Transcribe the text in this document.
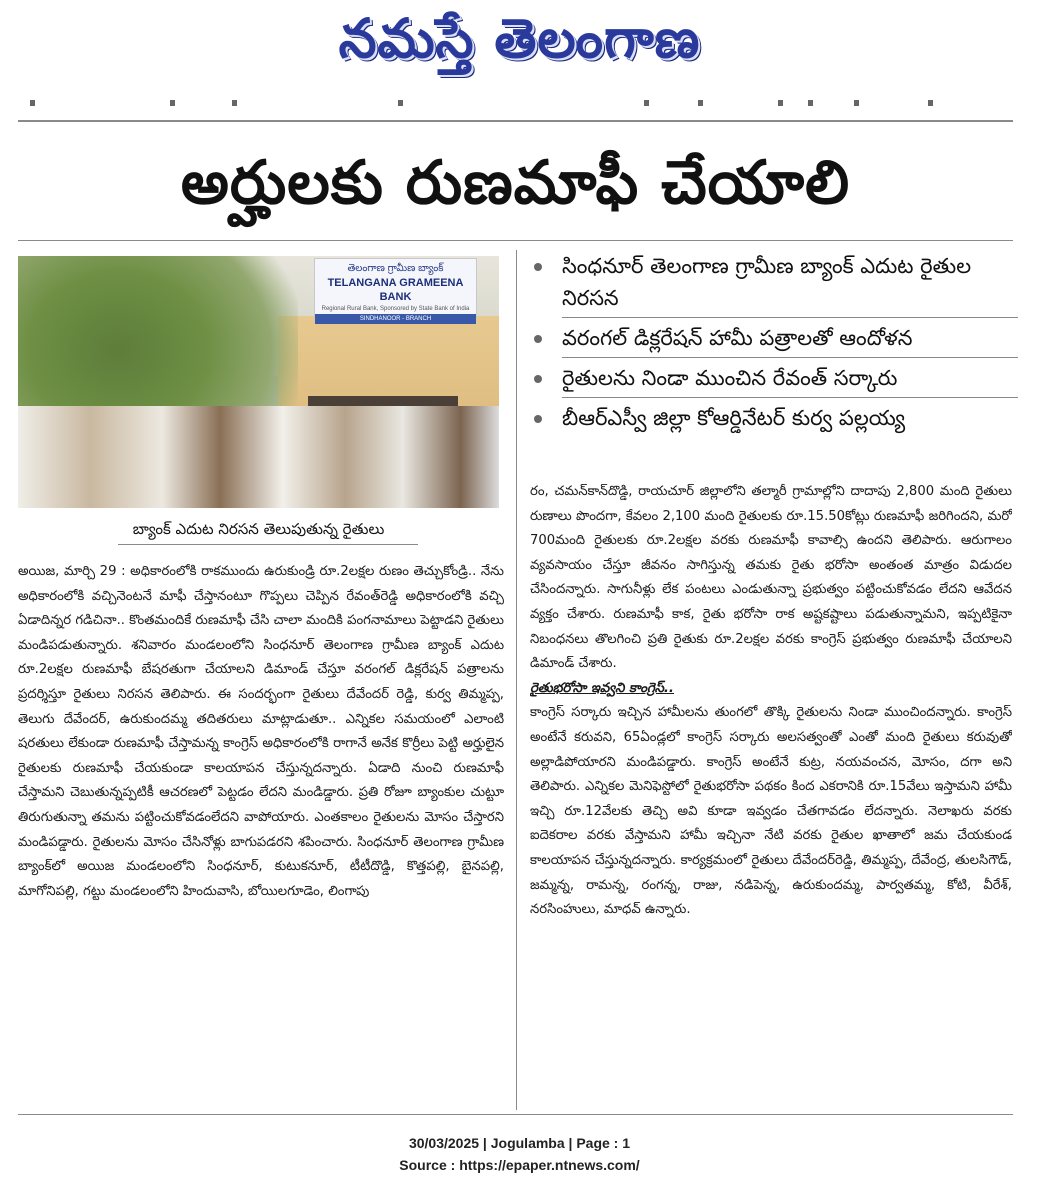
నమస్తే తెలంగాణ
అర్హులకు రుణమాఫీ చేయాలి
తెలంగాణ గ్రామీణ బ్యాంక్
TELANGANA GRAMEENA BANK
Regional Rural Bank, Sponsored by State Bank of India
SINDHANOOR - BRANCH
బ్యాంక్ ఎదుట నిరసన తెలుపుతున్న రైతులు
సింధనూర్ తెలంగాణ గ్రామీణ బ్యాంక్ ఎదుట రైతుల నిరసన
వరంగల్ డిక్లరేషన్ హామీ పత్రాలతో ఆందోళన
రైతులను నిండా ముంచిన రేవంత్ సర్కారు
బీఆర్ఎస్వీ జిల్లా కోఆర్డినేటర్ కుర్వ పల్లయ్య

అయిజ, మార్చి 29 : అధికారంలోకి రాకముందు ఉరుకుండ్రి రూ.2లక్షల రుణం తెచ్చుకోండ్రి.. నేను అధికారంలోకి వచ్చినెంటనే మాఫీ చేస్తానంటూ గొప్పలు చెప్పిన రేవంత్‌రెడ్డి అధికారంలోకి వచ్చి ఏడాదిన్నర గడిచినా.. కొంతమందికే రుణమాఫీ చేసి చాలా మందికి పంగనామాలు పెట్టాడని రైతులు మండిపడుతున్నారు. శనివారం మండలంలోని సింధనూర్ తెలంగాణ గ్రామీణ బ్యాంక్ ఎదుట రూ.2లక్షల రుణమాఫీ బేషరతుగా చేయాలని డిమాండ్ చేస్తూ వరంగల్ డిక్లరేషన్ పత్రాలను ప్రదర్శిస్తూ రైతులు నిరసన తెలిపారు. ఈ సందర్భంగా రైతులు దేవేందర్ రెడ్డి, కుర్వ తిమ్మప్ప, తెలుగు దేవేందర్, ఉరుకుందమ్మ తదితరులు మాట్లాడుతూ.. ఎన్నికల సమయంలో ఎలాంటి షరతులు లేకుండా రుణమాఫీ చేస్తామన్న కాంగ్రెస్ అధికారంలోకి రాగానే అనేక కొర్రీలు పెట్టి అర్హులైన రైతులకు రుణమాఫీ చేయకుండా కాలయాపన చేస్తున్నదన్నారు. ఏడాది నుంచి రుణమాఫీ చేస్తామని చెబుతున్నప్పటికీ ఆచరణలో పెట్టడం లేదని మండిడ్డారు. ప్రతి రోజూ బ్యాంకుల చుట్టూ తిరుగుతున్నా తమను పట్టించుకోవడంలేదని వాపోయారు. ఎంతకాలం రైతులను మోసం చేస్తారని మండిపడ్డారు. రైతులను మోసం చేసినోళ్లు బాగుపడరని శపించారు. సింధనూర్ తెలంగాణ గ్రామీణ బ్యాంక్‌లో అయిజ మండలంలోని సింధనూర్, కుటుకనూర్, టీటీదొడ్డి, కొత్తపల్లి, బైనపల్లి, మాగోనిపల్లి, గట్టు మండలంలోని హిందువాసి, బోయిలగూడెం, లింగాపు

రం, చమన్‌కాన్‌దొడ్డి, రాయచూర్ జిల్లాలోని తల్మారీ గ్రామాల్లోని దాదాపు 2,800 మంది రైతులు రుణాలు పొందగా, కేవలం 2,100 మంది రైతులకు రూ.15.50కోట్లు రుణమాఫీ జరిగిందని, మరో 700మంది రైతులకు రూ.2లక్షల వరకు రుణమాఫీ కావాల్సి ఉందని తెలిపారు. ఆరుగాలం వ్యవసాయం చేస్తూ జీవనం సాగిస్తున్న తమకు రైతు భరోసా అంతంత మాత్రం విడుదల చేసిందన్నారు. సాగునీళ్లు లేక పంటలు ఎండుతున్నా ప్రభుత్వం పట్టించుకోవడం లేదని ఆవేదన వ్యక్తం చేశారు. రుణమాఫీ కాక, రైతు భరోసా రాక అష్టకష్టాలు పడుతున్నామని, ఇప్పటికైనా నిబంధనలు తొలగించి ప్రతి రైతుకు రూ.2లక్షల వరకు కాంగ్రెస్ ప్రభుత్వం రుణమాఫీ చేయాలని డిమాండ్ చేశారు.

రైతుభరోసా ఇవ్వని కాంగ్రెస్..

కాంగ్రెస్ సర్కారు ఇచ్చిన హామీలను తుంగలో తొక్కి రైతులను నిండా ముంచిందన్నారు. కాంగ్రెస్ అంటేనే కరువని, 65ఏండ్లలో కాంగ్రెస్ సర్కారు అలసత్వంతో ఎంతో మంది రైతులు కరువుతో అల్లాడిపోయారని మండిపడ్డారు. కాంగ్రెస్ అంటేనే కుట్ర, నయవంచన, మోసం, దగా అని తెలిపారు. ఎన్నికల మెనిఫెస్టోలో రైతుభరోసా పథకం కింద ఎకరానికి రూ.15వేలు ఇస్తామని హామీ ఇచ్చి రూ.12వేలకు తెచ్చి అవి కూడా ఇవ్వడం చేతగావడం లేదన్నారు. నెలాఖరు వరకు ఐదెకరాల వరకు వేస్తామని హామీ ఇచ్చినా నేటి వరకు రైతుల ఖాతాలో జమ చేయకుండ కాలయాపన చేస్తున్నదన్నారు. కార్యక్రమంలో రైతులు దేవేందర్‌రెడ్డి, తిమ్మప్ప, దేవేంద్ర, తులసిగౌడ్, జమ్మన్న, రామన్న, రంగన్న, రాజు, నడిపెన్న, ఉరుకుందమ్మ, పార్వతమ్మ, కోటి, వీరేశ్, నరసింహులు, మాధవ్ ఉన్నారు.

30/03/2025 | Jogulamba | Page : 1
Source : https://epaper.ntnews.com/
